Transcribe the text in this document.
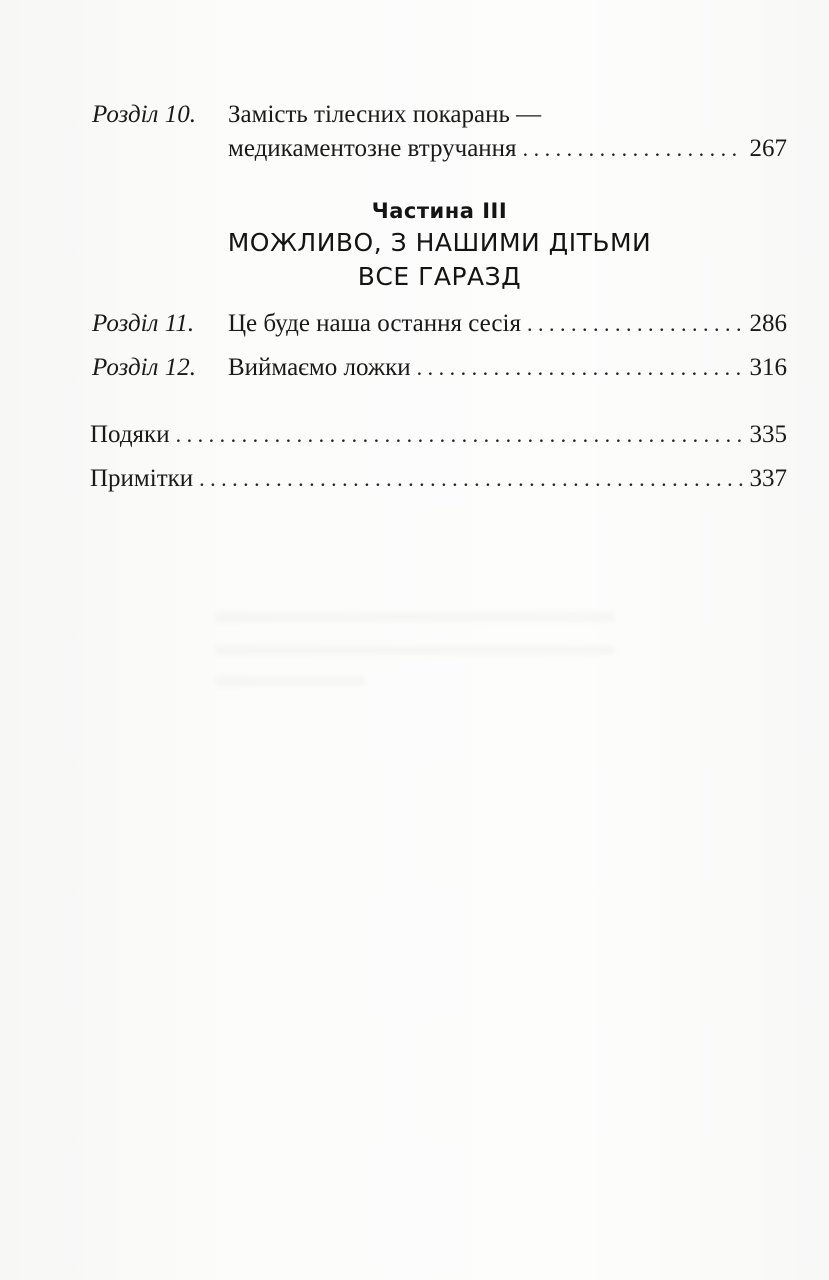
Розділ 10.	Замість тілесних покарань —
медикаментозне втручання . . .	267
Частина III
МОЖЛИВО, З НАШИМИ ДІТЬМИ
ВСЕ ГАРАЗД
Розділ 11.	Це буде наша остання сесія . . .	286
Розділ 12.	Виймаємо ложки . . .	316
Подяки . . .	335
Примітки . . .	337
